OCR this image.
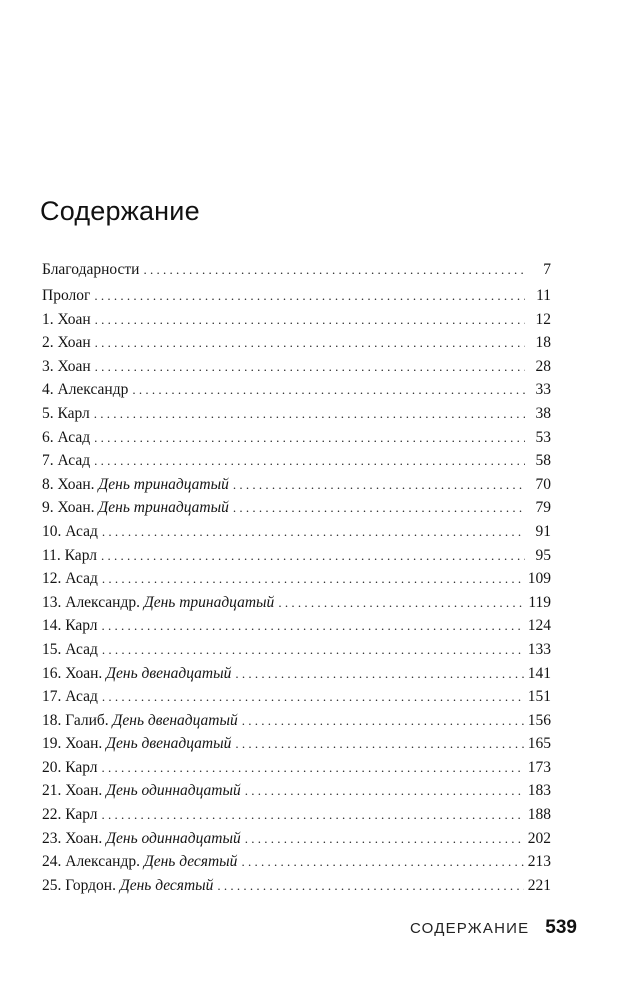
Содержание
Благодарности . . .	7
Пролог . . .	11
1. Хоан . . .	12
2. Хоан . . .	18
3. Хоан . . .	28
4. Александр . . .	33
5. Карл . . .	38
6. Асад . . .	53
7. Асад . . .	58
8. Хоан. День тринадцатый . . .	70
9. Хоан. День тринадцатый . . .	79
10. Асад . . .	91
11. Карл . . .	95
12. Асад . . .	109
13. Александр. День тринадцатый . . .	119
14. Карл . . .	124
15. Асад . . .	133
16. Хоан. День двенадцатый . . .	141
17. Асад . . .	151
18. Галиб. День двенадцатый . . .	156
19. Хоан. День двенадцатый . . .	165
20. Карл . . .	173
21. Хоан. День одиннадцатый . . .	183
22. Карл . . .	188
23. Хоан. День одиннадцатый . . .	202
24. Александр. День десятый . . .	213
25. Гордон. День десятый . . .	221
СОДЕРЖАНИЕ 539
